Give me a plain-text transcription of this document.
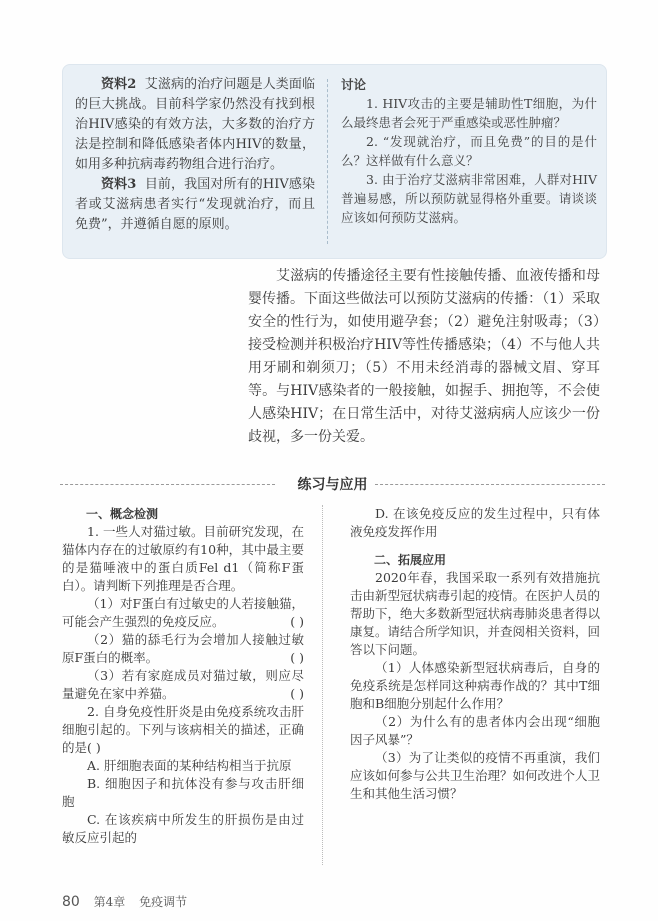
资料2 艾滋病的治疗问题是人类面临的巨大挑战。目前科学家仍然没有找到根治HIV感染的有效方法，大多数的治疗方法是控制和降低感染者体内HIV的数量，如用多种抗病毒药物组合进行治疗。

资料3 目前，我国对所有的HIV感染者或艾滋病患者实行“发现就治疗，而且免费”，并遵循自愿的原则。

讨论

1. HIV攻击的主要是辅助性T细胞，为什么最终患者会死于严重感染或恶性肿瘤？

2. “发现就治疗，而且免费”的目的是什么？这样做有什么意义？

3. 由于治疗艾滋病非常困难，人群对HIV普遍易感，所以预防就显得格外重要。请谈谈应该如何预防艾滋病。

艾滋病的传播途径主要有性接触传播、血液传播和母婴传播。下面这些做法可以预防艾滋病的传播：（1）采取安全的性行为，如使用避孕套；（2）避免注射吸毒；（3）接受检测并积极治疗HIV等性传播感染；（4）不与他人共用牙刷和剃须刀；（5）不用未经消毒的器械文眉、穿耳等。与HIV感染者的一般接触，如握手、拥抱等，不会使人感染HIV；在日常生活中，对待艾滋病病人应该少一份歧视，多一份关爱。

练习与应用

一、概念检测

1. 一些人对猫过敏。目前研究发现，在猫体内存在的过敏原约有10种，其中最主要的是猫唾液中的蛋白质Fel d1（简称F蛋白）。请判断下列推理是否合理。

（1）对F蛋白有过敏史的人若接触猫，可能会产生强烈的免疫反应。	( )

（2）猫的舔毛行为会增加人接触过敏原F蛋白的概率。	( )

（3）若有家庭成员对猫过敏，则应尽量避免在家中养猫。	( )

2. 自身免疫性肝炎是由免疫系统攻击肝细胞引起的。下列与该病相关的描述，正确的是( )

A. 肝细胞表面的某种结构相当于抗原

B. 细胞因子和抗体没有参与攻击肝细胞

C. 在该疾病中所发生的肝损伤是由过敏反应引起的

D. 在该免疫反应的发生过程中，只有体液免疫发挥作用

二、拓展应用

2020年春，我国采取一系列有效措施抗击由新型冠状病毒引起的疫情。在医护人员的帮助下，绝大多数新型冠状病毒肺炎患者得以康复。请结合所学知识，并查阅相关资料，回答以下问题。

（1）人体感染新型冠状病毒后，自身的免疫系统是怎样同这种病毒作战的？其中T细胞和B细胞分别起什么作用？

（2）为什么有的患者体内会出现“细胞因子风暴”？

（3）为了让类似的疫情不再重演，我们应该如何参与公共卫生治理？如何改进个人卫生和其他生活习惯？

80 第4章 免疫调节
